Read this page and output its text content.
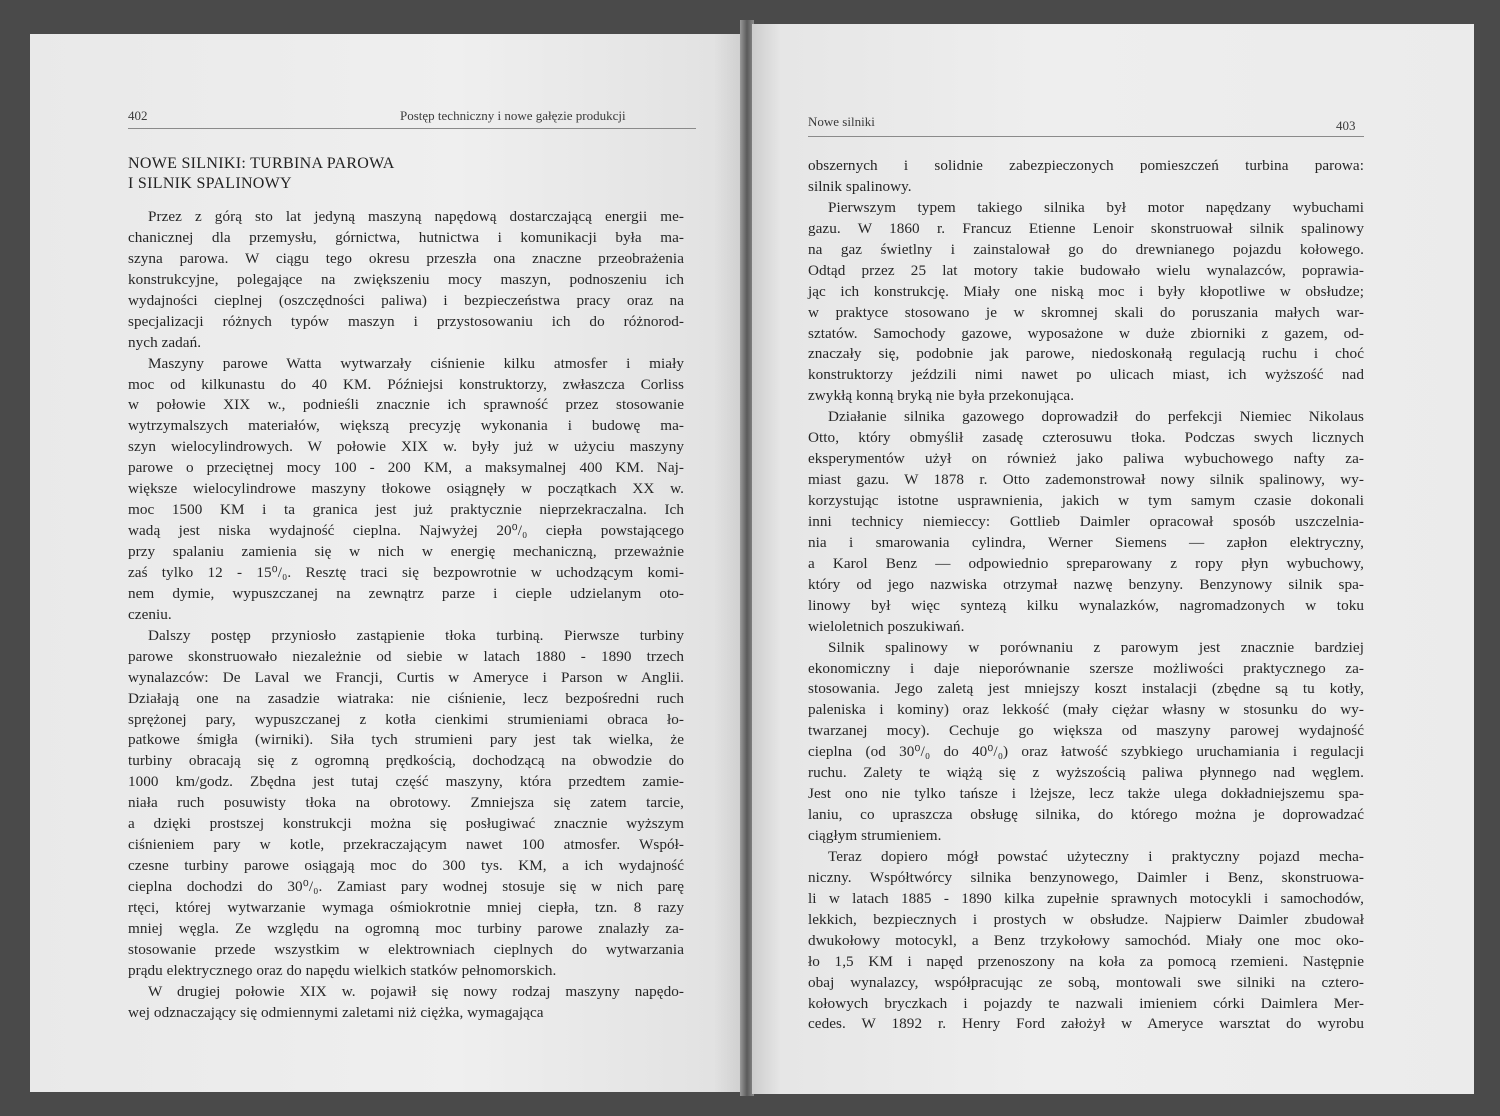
402	Postęp techniczny i nowe gałęzie produkcji
NOWE SILNIKI: TURBINA PAROWA
I SILNIK SPALINOWY
Przez z górą sto lat jedyną maszyną napędową dostarczającą energii me-
chanicznej dla przemysłu, górnictwa, hutnictwa i komunikacji była ma-
szyna parowa. W ciągu tego okresu przeszła ona znaczne przeobrażenia
konstrukcyjne, polegające na zwiększeniu mocy maszyn, podnoszeniu ich
wydajności cieplnej (oszczędności paliwa) i bezpieczeństwa pracy oraz na
specjalizacji różnych typów maszyn i przystosowaniu ich do różnorod-
nych zadań.
Maszyny parowe Watta wytwarzały ciśnienie kilku atmosfer i miały
moc od kilkunastu do 40 KM. Późniejsi konstruktorzy, zwłaszcza Corliss
w połowie XIX w., podnieśli znacznie ich sprawność przez stosowanie
wytrzymalszych materiałów, większą precyzję wykonania i budowę ma-
szyn wielocylindrowych. W połowie XIX w. były już w użyciu maszyny
parowe o przeciętnej mocy 100 - 200 KM, a maksymalnej 400 KM. Naj-
większe wielocylindrowe maszyny tłokowe osiągnęły w początkach XX w.
moc 1500 KM i ta granica jest już praktycznie nieprzekraczalna. Ich
wadą jest niska wydajność cieplna. Najwyżej 20⁰/₀ ciepła powstającego
przy spalaniu zamienia się w nich w energię mechaniczną, przeważnie
zaś tylko 12 - 15⁰/₀. Resztę traci się bezpowrotnie w uchodzącym komi-
nem dymie, wypuszczanej na zewnątrz parze i cieple udzielanym oto-
czeniu.
Dalszy postęp przyniosło zastąpienie tłoka turbiną. Pierwsze turbiny
parowe skonstruowało niezależnie od siebie w latach 1880 - 1890 trzech
wynalazców: De Laval we Francji, Curtis w Ameryce i Parson w Anglii.
Działają one na zasadzie wiatraka: nie ciśnienie, lecz bezpośredni ruch
sprężonej pary, wypuszczanej z kotła cienkimi strumieniami obraca ło-
patkowe śmigła (wirniki). Siła tych strumieni pary jest tak wielka, że
turbiny obracają się z ogromną prędkością, dochodzącą na obwodzie do
1000 km/godz. Zbędna jest tutaj część maszyny, która przedtem zamie-
niała ruch posuwisty tłoka na obrotowy. Zmniejsza się zatem tarcie,
a dzięki prostszej konstrukcji można się posługiwać znacznie wyższym
ciśnieniem pary w kotle, przekraczającym nawet 100 atmosfer. Współ-
czesne turbiny parowe osiągają moc do 300 tys. KM, a ich wydajność
cieplna dochodzi do 30⁰/₀. Zamiast pary wodnej stosuje się w nich parę
rtęci, której wytwarzanie wymaga ośmiokrotnie mniej ciepła, tzn. 8 razy
mniej węgla. Ze względu na ogromną moc turbiny parowe znalazły za-
stosowanie przede wszystkim w elektrowniach cieplnych do wytwarzania
prądu elektrycznego oraz do napędu wielkich statków pełnomorskich.
W drugiej połowie XIX w. pojawił się nowy rodzaj maszyny napędo-
wej odznaczający się odmiennymi zaletami niż ciężka, wymagająca
Nowe silniki	403
obszernych i solidnie zabezpieczonych pomieszczeń turbina parowa:
silnik spalinowy.
Pierwszym typem takiego silnika był motor napędzany wybuchami
gazu. W 1860 r. Francuz Etienne Lenoir skonstruował silnik spalinowy
na gaz świetlny i zainstalował go do drewnianego pojazdu kołowego.
Odtąd przez 25 lat motory takie budowało wielu wynalazców, poprawia-
jąc ich konstrukcję. Miały one niską moc i były kłopotliwe w obsłudze;
w praktyce stosowano je w skromnej skali do poruszania małych war-
sztatów. Samochody gazowe, wyposażone w duże zbiorniki z gazem, od-
znaczały się, podobnie jak parowe, niedoskonałą regulacją ruchu i choć
konstruktorzy jeździli nimi nawet po ulicach miast, ich wyższość nad
zwykłą konną bryką nie była przekonująca.
Działanie silnika gazowego doprowadził do perfekcji Niemiec Nikolaus
Otto, który obmyślił zasadę czterosuwu tłoka. Podczas swych licznych
eksperymentów użył on również jako paliwa wybuchowego nafty za-
miast gazu. W 1878 r. Otto zademonstrował nowy silnik spalinowy, wy-
korzystując istotne usprawnienia, jakich w tym samym czasie dokonali
inni technicy niemieccy: Gottlieb Daimler opracował sposób uszczelnia-
nia i smarowania cylindra, Werner Siemens — zapłon elektryczny,
a Karol Benz — odpowiednio spreparowany z ropy płyn wybuchowy,
który od jego nazwiska otrzymał nazwę benzyny. Benzynowy silnik spa-
linowy był więc syntezą kilku wynalazków, nagromadzonych w toku
wieloletnich poszukiwań.
Silnik spalinowy w porównaniu z parowym jest znacznie bardziej
ekonomiczny i daje nieporównanie szersze możliwości praktycznego za-
stosowania. Jego zaletą jest mniejszy koszt instalacji (zbędne są tu kotły,
paleniska i kominy) oraz lekkość (mały ciężar własny w stosunku do wy-
twarzanej mocy). Cechuje go większa od maszyny parowej wydajność
cieplna (od 30⁰/₀ do 40⁰/₀) oraz łatwość szybkiego uruchamiania i regulacji
ruchu. Zalety te wiążą się z wyższością paliwa płynnego nad węglem.
Jest ono nie tylko tańsze i lżejsze, lecz także ulega dokładniejszemu spa-
laniu, co upraszcza obsługę silnika, do którego można je doprowadzać
ciągłym strumieniem.
Teraz dopiero mógł powstać użyteczny i praktyczny pojazd mecha-
niczny. Współtwórcy silnika benzynowego, Daimler i Benz, skonstruowa-
li w latach 1885 - 1890 kilka zupełnie sprawnych motocykli i samochodów,
lekkich, bezpiecznych i prostych w obsłudze. Najpierw Daimler zbudował
dwukołowy motocykl, a Benz trzykołowy samochód. Miały one moc oko-
ło 1,5 KM i napęd przenoszony na koła za pomocą rzemieni. Następnie
obaj wynalazcy, współpracując ze sobą, montowali swe silniki na cztero-
kołowych bryczkach i pojazdy te nazwali imieniem córki Daimlera Mer-
cedes. W 1892 r. Henry Ford założył w Ameryce warsztat do wyrobu
